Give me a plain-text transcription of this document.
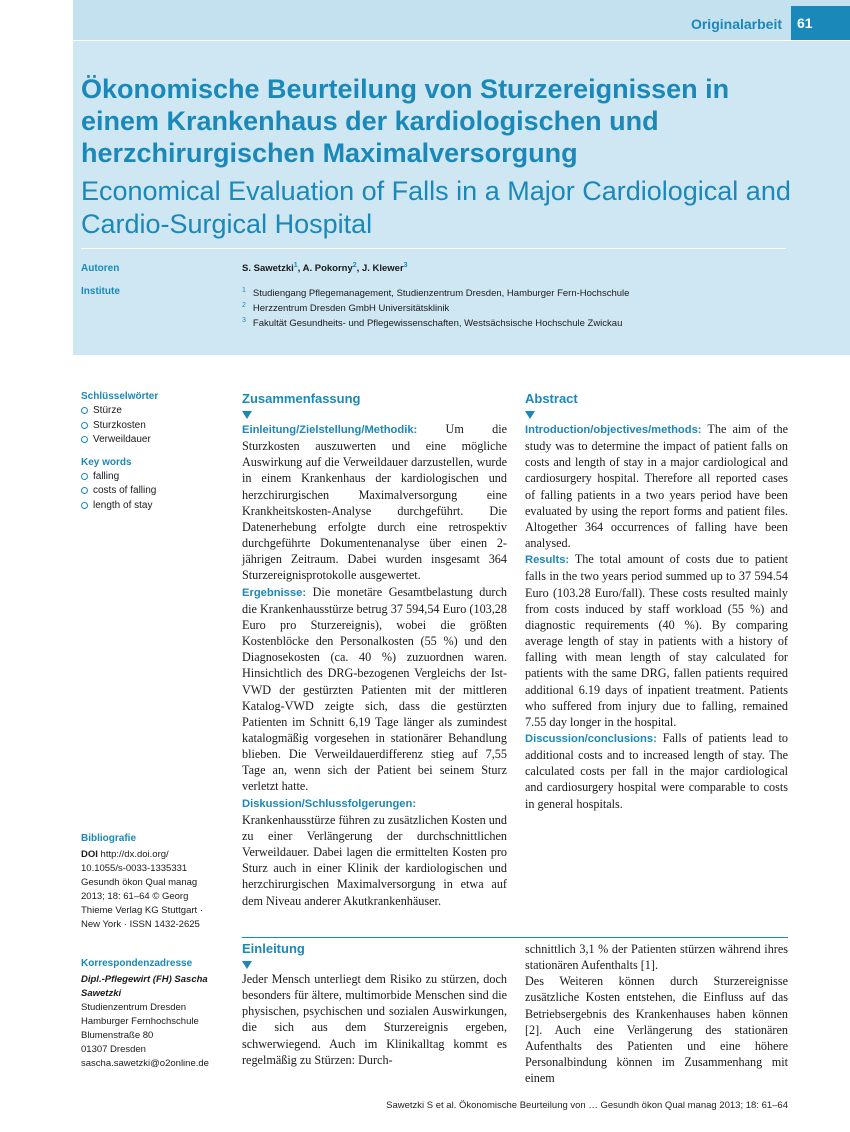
Originalarbeit	61
Ökonomische Beurteilung von Sturzereignissen in einem Krankenhaus der kardiologischen und herzchirurgischen Maximalversorgung
Economical Evaluation of Falls in a Major Cardiological and Cardio-Surgical Hospital
Autoren	S. Sawetzki$^1$, A. Pokorny$^2$, J. Klewer$^3$
Institute	$^1$ Studiengang Pflegemanagement, Studienzentrum Dresden, Hamburger Fern-Hochschule
$^2$ Herzzentrum Dresden GmbH Universitätsklinik
$^3$ Fakultät Gesundheits- und Pflegewissenschaften, Westsächsische Hochschule Zwickau
Schlüsselwörter
Stürze
Sturzkosten
Verweildauer
Key words
falling
costs of falling
length of stay
Bibliografie
DOI http://dx.doi.org/
10.1055/s-0033-1335331
Gesundh ökon Qual manag
2013; 18: 61–64 © Georg
Thieme Verlag KG Stuttgart ·
New York · ISSN 1432-2625
Korrespondenzadresse
Dipl.-Pflegewirt (FH) Sascha Sawetzki
Studienzentrum Dresden
Hamburger Fernhochschule
Blumenstraße 80
01307 Dresden
sascha.sawetzki@o2online.de
Zusammenfassung

Einleitung/Zielstellung/Methodik: Um die Sturzkosten auszuwerten und eine mögliche Auswirkung auf die Verweildauer darzustellen, wurde in einem Krankenhaus der kardiologischen und herzchirurgischen Maximalversorgung eine Krankheitskosten-Analyse durchgeführt. Die Datenerhebung erfolgte durch eine retrospektiv durchgeführte Dokumentenanalyse über einen 2-jährigen Zeitraum. Dabei wurden insgesamt 364 Sturzereignisprotokolle ausgewertet.

Ergebnisse: Die monetäre Gesamtbelastung durch die Krankenhausstürze betrug 37 594,54 Euro (103,28 Euro pro Sturzereignis), wobei die größten Kostenblöcke den Personalkosten (55 %) und den Diagnosekosten (ca. 40 %) zuzuordnen waren. Hinsichtlich des DRG-bezogenen Vergleichs der Ist-VWD der gestürzten Patienten mit der mittleren Katalog-VWD zeigte sich, dass die gestürzten Patienten im Schnitt 6,19 Tage länger als zumindest katalogmäßig vorgesehen in stationärer Behandlung blieben. Die Verweildauerdifferenz stieg auf 7,55 Tage an, wenn sich der Patient bei seinem Sturz verletzt hatte.

Diskussion/Schlussfolgerungen: Krankenhausstürze führen zu zusätzlichen Kosten und zu einer Verlängerung der durchschnittlichen Verweildauer. Dabei lagen die ermittelten Kosten pro Sturz auch in einer Klinik der kardiologischen und herzchirurgischen Maximalversorgung in etwa auf dem Niveau anderer Akutkrankenhäuser.

Abstract

Introduction/objectives/methods: The aim of the study was to determine the impact of patient falls on costs and length of stay in a major cardiological and cardiosurgery hospital. Therefore all reported cases of falling patients in a two years period have been evaluated by using the report forms and patient files. Altogether 364 occurrences of falling have been analysed.

Results: The total amount of costs due to patient falls in the two years period summed up to 37 594.54 Euro (103.28 Euro/fall). These costs resulted mainly from costs induced by staff workload (55 %) and diagnostic requirements (40 %). By comparing average length of stay in patients with a history of falling with mean length of stay calculated for patients with the same DRG, fallen patients required additional 6.19 days of inpatient treatment. Patients who suffered from injury due to falling, remained 7.55 day longer in the hospital.

Discussion/conclusions: Falls of patients lead to additional costs and to increased length of stay. The calculated costs per fall in the major cardiological and cardiosurgery hospital were comparable to costs in general hospitals.

Einleitung

Jeder Mensch unterliegt dem Risiko zu stürzen, doch besonders für ältere, multimorbide Menschen sind die physischen, psychischen und sozialen Auswirkungen, die sich aus dem Sturzereignis ergeben, schwerwiegend. Auch im Klinikalltag kommt es regelmäßig zu Stürzen: Durch-

schnittlich 3,1 % der Patienten stürzen während ihres stationären Aufenthalts [1].

Des Weiteren können durch Sturzereignisse zusätzliche Kosten entstehen, die Einfluss auf das Betriebsergebnis des Krankenhauses haben können [2]. Auch eine Verlängerung des stationären Aufenthalts des Patienten und eine höhere Personalbindung können im Zusammenhang mit einem

Sawetzki S et al. Ökonomische Beurteilung von … Gesundh ökon Qual manag 2013; 18: 61–64
